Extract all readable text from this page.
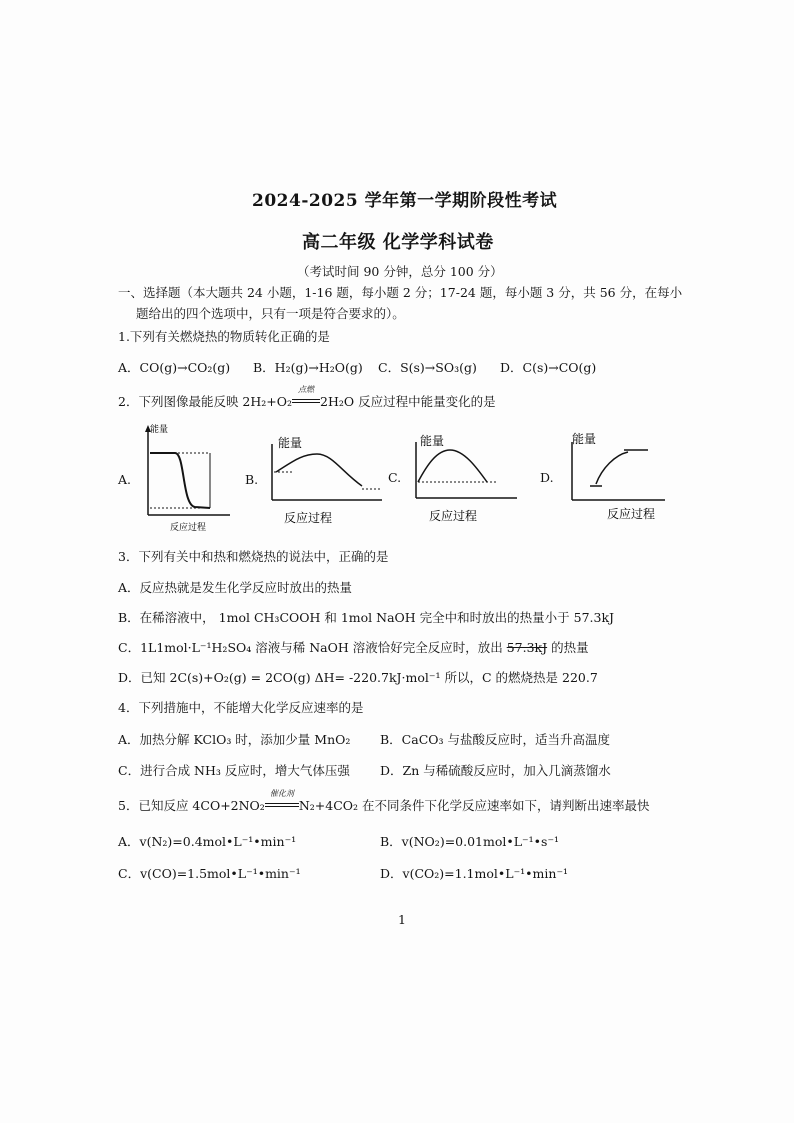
2024-2025 学年第一学期阶段性考试
高二年级 化学学科试卷
（考试时间 90 分钟，总分 100 分）
一、选择题（本大题共 24 小题，1-16 题，每小题 2 分；17-24 题，每小题 3 分，共 56 分，在每小
题给出的四个选项中，只有一项是符合要求的）。
1.下列有关燃烧热的物质转化正确的是
A．CO(g)→CO₂(g) B．H₂(g)→H₂O(g) C．S(s)→SO₃(g) D．C(s)→CO(g)
2．下列图像最能反映 2H₂+O₂
点燃
2H₂O 反应过程中能量变化的是
A.
能量
反应过程
B.
能量
反应过程
C.
能量
反应过程
D.
能量
反应过程
3．下列有关中和热和燃烧热的说法中，正确的是
A．反应热就是发生化学反应时放出的热量
B．在稀溶液中， 1mol CH₃COOH 和 1mol NaOH 完全中和时放出的热量小于 57.3kJ
C．1L1mol·L⁻¹H₂SO₄ 溶液与稀 NaOH 溶液恰好完全反应时，放出 57.3kJ 的热量
D．已知 2C(s)+O₂(g) = 2CO(g) ΔH= -220.7kJ·mol⁻¹ 所以，C 的燃烧热是 220.7
4．下列措施中，不能增大化学反应速率的是
A．加热分解 KClO₃ 时，添加少量 MnO₂ B．CaCO₃ 与盐酸反应时，适当升高温度
C．进行合成 NH₃ 反应时，增大气体压强 D．Zn 与稀硫酸反应时，加入几滴蒸馏水
5．已知反应 4CO+2NO₂
催化剂
N₂+4CO₂ 在不同条件下化学反应速率如下，请判断出速率最快
A．v(N₂)=0.4mol•L⁻¹•min⁻¹	B．v(NO₂)=0.01mol•L⁻¹•s⁻¹
C．v(CO)=1.5mol•L⁻¹•min⁻¹	D．v(CO₂)=1.1mol•L⁻¹•min⁻¹
1
